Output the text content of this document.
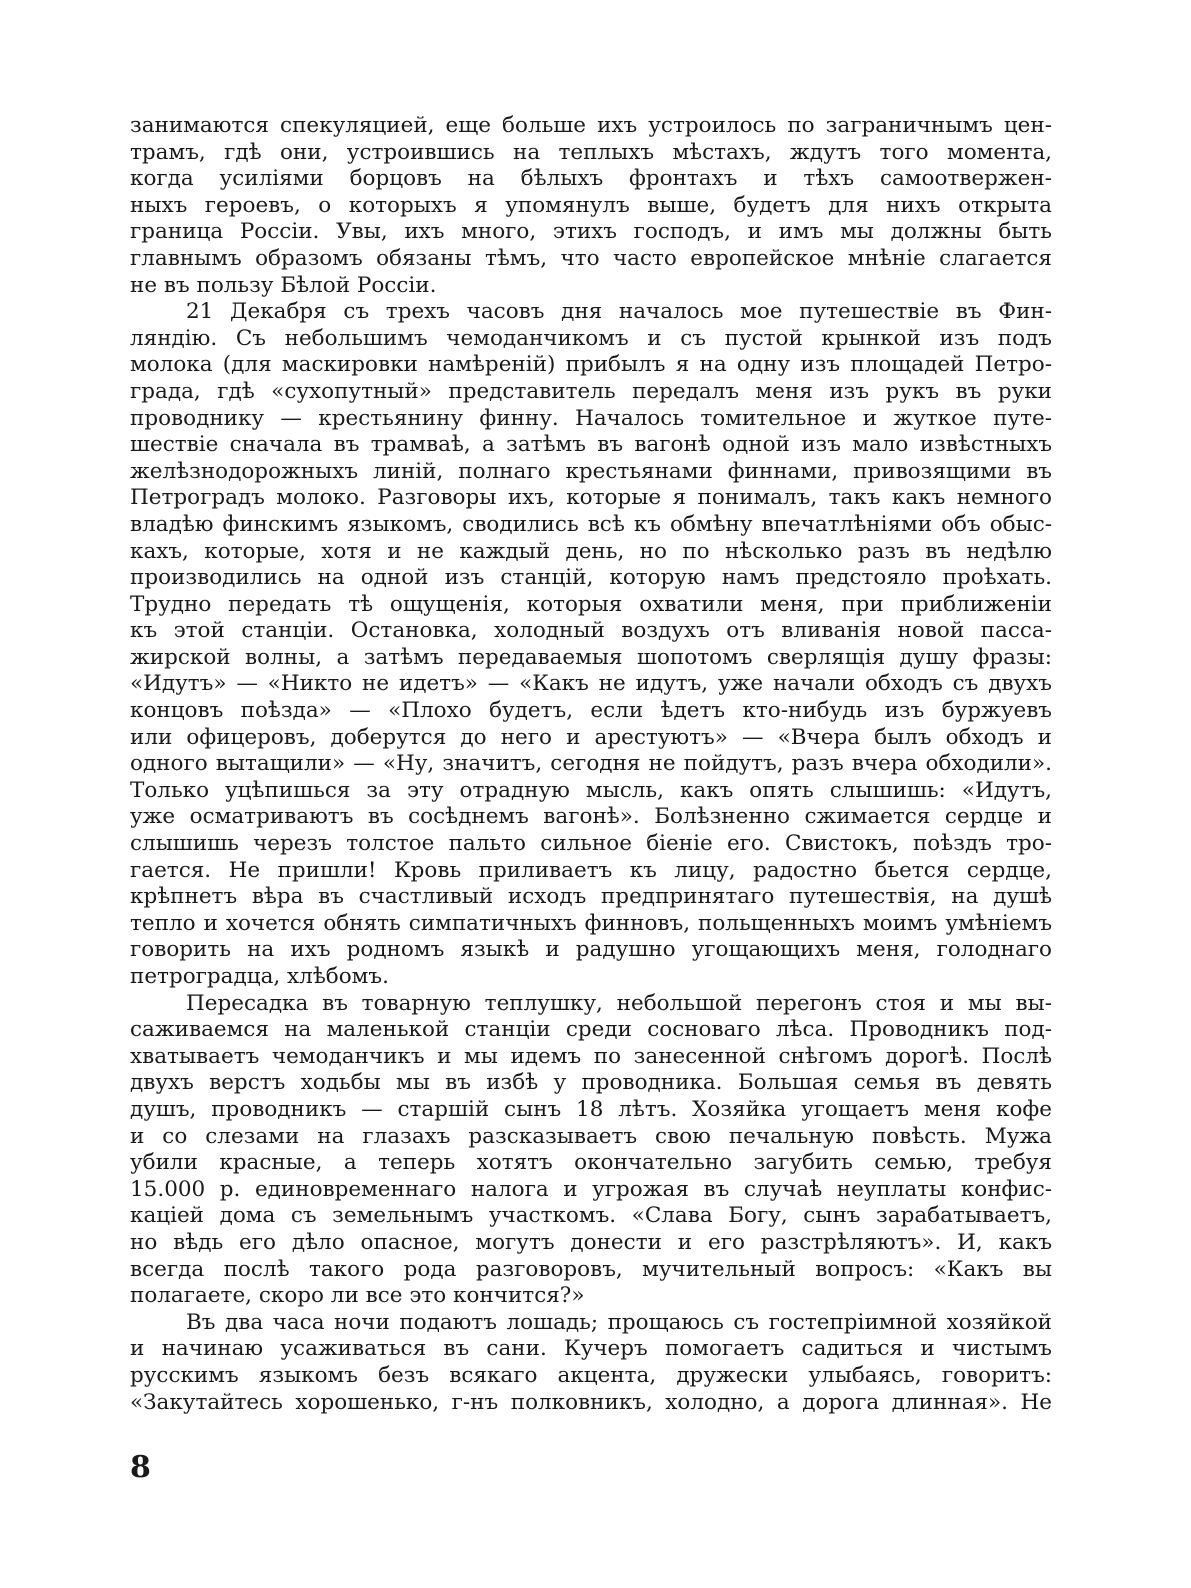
занимаются спекуляцией, еще больше ихъ устроилось по заграничнымъ цен-
трамъ, гдѣ они, устроившись на теплыхъ мѣстахъ, ждутъ того момента,
когда усиліями борцовъ на бѣлыхъ фронтахъ и тѣхъ самоотвержен-
ныхъ героевъ, о которыхъ я упомянулъ выше, будетъ для нихъ открыта
граница Россіи. Увы, ихъ много, этихъ господъ, и имъ мы должны быть
главнымъ образомъ обязаны тѣмъ, что часто европейское мнѣніе слагается
не въ пользу Бѣлой Россіи.
21 Декабря съ трехъ часовъ дня началось мое путешествіе въ Фин-
ляндію. Съ небольшимъ чемоданчикомъ и съ пустой крынкой изъ подъ
молока (для маскировки намѣреній) прибылъ я на одну изъ площадей Петро-
града, гдѣ «сухопутный» представитель передалъ меня изъ рукъ въ руки
проводнику — крестьянину финну. Началось томительное и жуткое путе-
шествіе сначала въ трамваѣ, а затѣмъ въ вагонѣ одной изъ мало извѣстныхъ
желѣзнодорожныхъ линій, полнаго крестьянами финнами, привозящими въ
Петроградъ молоко. Разговоры ихъ, которые я понималъ, такъ какъ немного
владѣю финскимъ языкомъ, сводились всѣ къ обмѣну впечатлѣніями объ обыс-
кахъ, которые, хотя и не каждый день, но по нѣсколько разъ въ недѣлю
производились на одной изъ станцій, которую намъ предстояло проѣхать.
Трудно передать тѣ ощущенія, которыя охватили меня, при приближеніи
къ этой станціи. Остановка, холодный воздухъ отъ вливанія новой пасса-
жирской волны, а затѣмъ передаваемыя шопотомъ сверлящія душу фразы:
«Идутъ» — «Никто не идетъ» — «Какъ не идутъ, уже начали обходъ съ двухъ
концовъ поѣзда» — «Плохо будетъ, если ѣдетъ кто-нибудь изъ буржуевъ
или офицеровъ, доберутся до него и арестуютъ» — «Вчера былъ обходъ и
одного вытащили» — «Ну, значитъ, сегодня не пойдутъ, разъ вчера обходили».
Только уцѣпишься за эту отрадную мысль, какъ опять слышишь: «Идутъ,
уже осматриваютъ въ сосѣднемъ вагонѣ». Болѣзненно сжимается сердце и
слышишь черезъ толстое пальто сильное біеніе его. Свистокъ, поѣздъ тро-
гается. Не пришли! Кровь приливаетъ къ лицу, радостно бьется сердце,
крѣпнетъ вѣра въ счастливый исходъ предпринятаго путешествія, на душѣ
тепло и хочется обнять симпатичныхъ финновъ, польщенныхъ моимъ умѣніемъ
говорить на ихъ родномъ языкѣ и радушно угощающихъ меня, голоднаго
петроградца, хлѣбомъ.
Пересадка въ товарную теплушку, небольшой перегонъ стоя и мы вы-
саживаемся на маленькой станціи среди сосноваго лѣса. Проводникъ под-
хватываетъ чемоданчикъ и мы идемъ по занесенной снѣгомъ дорогѣ. Послѣ
двухъ верстъ ходьбы мы въ избѣ у проводника. Большая семья въ девять
душъ, проводникъ — старшій сынъ 18 лѣтъ. Хозяйка угощаетъ меня кофе
и со слезами на глазахъ разсказываетъ свою печальную повѣсть. Мужа
убили красные, а теперь хотятъ окончательно загубить семью, требуя
15.000 р. единовременнаго налога и угрожая въ случаѣ неуплаты конфис-
каціей дома съ земельнымъ участкомъ. «Слава Богу, сынъ зарабатываетъ,
но вѣдь его дѣло опасное, могутъ донести и его разстрѣляютъ». И, какъ
всегда послѣ такого рода разговоровъ, мучительный вопросъ: «Какъ вы
полагаете, скоро ли все это кончится?»
Въ два часа ночи подаютъ лошадь; прощаюсь съ гостепріимной хозяйкой
и начинаю усаживаться въ сани. Кучеръ помогаетъ садиться и чистымъ
русскимъ языкомъ безъ всякаго акцента, дружески улыбаясь, говоритъ:
«Закутайтесь хорошенько, г-нъ полковникъ, холодно, а дорога длинная». Не
8
